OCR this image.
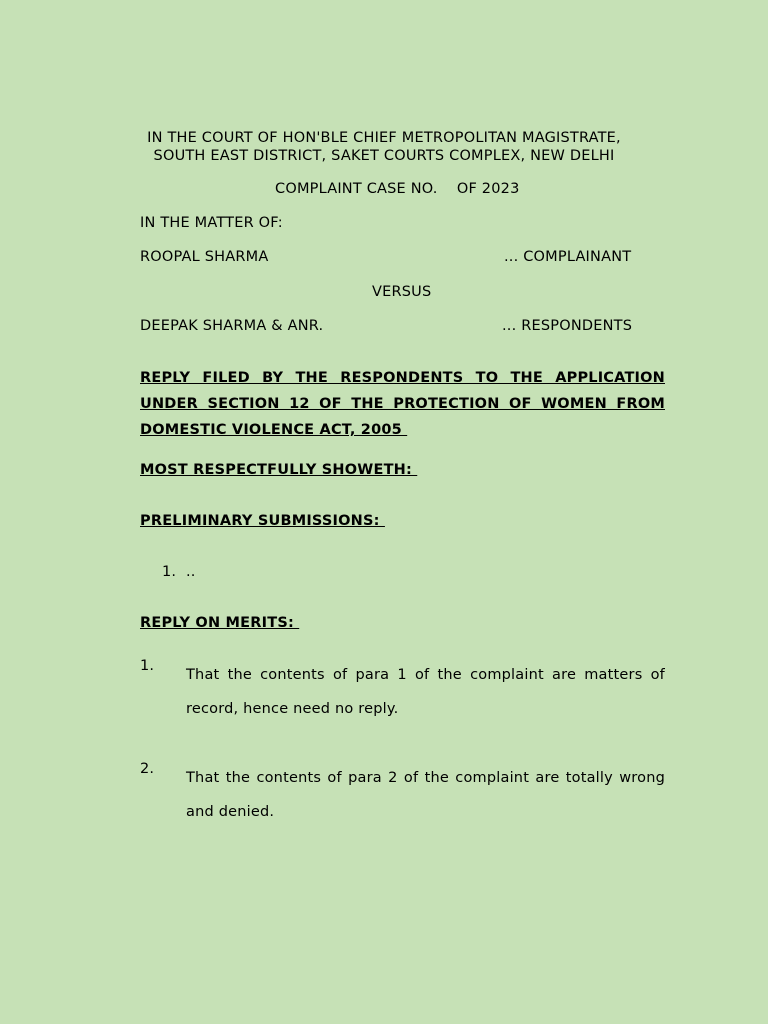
IN THE COURT OF HON'BLE CHIEF METROPOLITAN MAGISTRATE,
SOUTH EAST DISTRICT, SAKET COURTS COMPLEX, NEW DELHI
COMPLAINT CASE NO.    OF 2023
IN THE MATTER OF:
ROOPAL SHARMA	... COMPLAINANT
VERSUS
DEEPAK SHARMA & ANR.	... RESPONDENTS
REPLY FILED BY THE RESPONDENTS TO THE APPLICATION
UNDER SECTION 12 OF THE PROTECTION OF WOMEN FROM
DOMESTIC VIOLENCE ACT, 2005
MOST RESPECTFULLY SHOWETH:
PRELIMINARY SUBMISSIONS:
1. ..
REPLY ON MERITS:
1.
That the contents of para 1 of the complaint are matters of record, hence need no reply.
2.
That the contents of para 2 of the complaint are totally wrong and denied.
